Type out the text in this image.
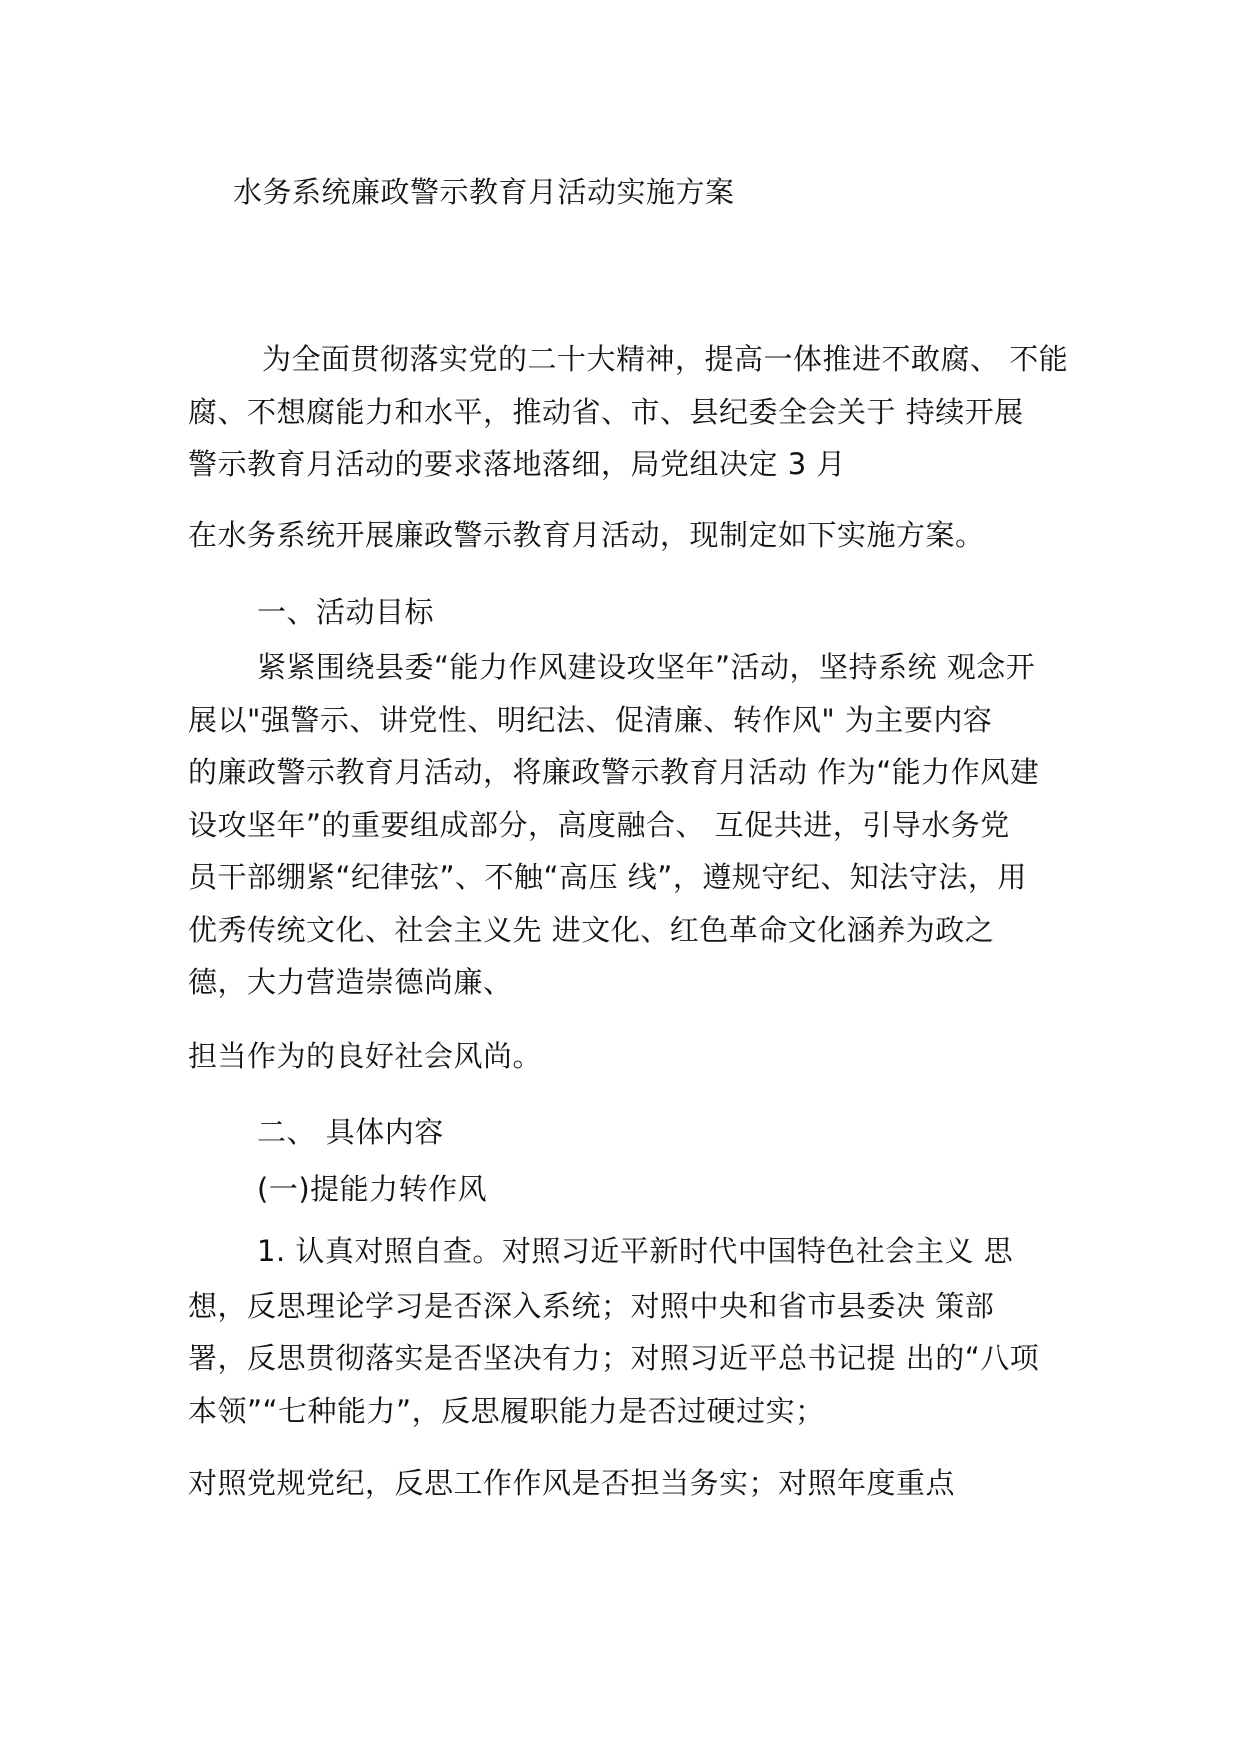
水务系统廉政警示教育月活动实施方案
为全面贯彻落实党的二十大精神，提高一体推进不敢腐、 不能
腐、不想腐能力和水平，推动省、市、县纪委全会关于 持续开展
警示教育月活动的要求落地落细，局党组决定 3 月
在水务系统开展廉政警示教育月活动，现制定如下实施方案。
一、活动目标
紧紧围绕县委“能力作风建设攻坚年”活动，坚持系统 观念开
展以"强警示、讲党性、明纪法、促清廉、转作风" 为主要内容
的廉政警示教育月活动，将廉政警示教育月活动 作为“能力作风建
设攻坚年”的重要组成部分，高度融合、 互促共进，引导水务党
员干部绷紧“纪律弦”、不触“高压 线”，遵规守纪、知法守法，用
优秀传统文化、社会主义先 进文化、红色革命文化涵养为政之
德，大力营造崇德尚廉、
担当作为的良好社会风尚。
二、 具体内容
(一)提能力转作风
1. 认真对照自查。对照习近平新时代中国特色社会主义 思
想，反思理论学习是否深入系统；对照中央和省市县委决 策部
署，反思贯彻落实是否坚决有力；对照习近平总书记提 出的“八项
本领”“七种能力”，反思履职能力是否过硬过实；
对照党规党纪，反思工作作风是否担当务实；对照年度重点
